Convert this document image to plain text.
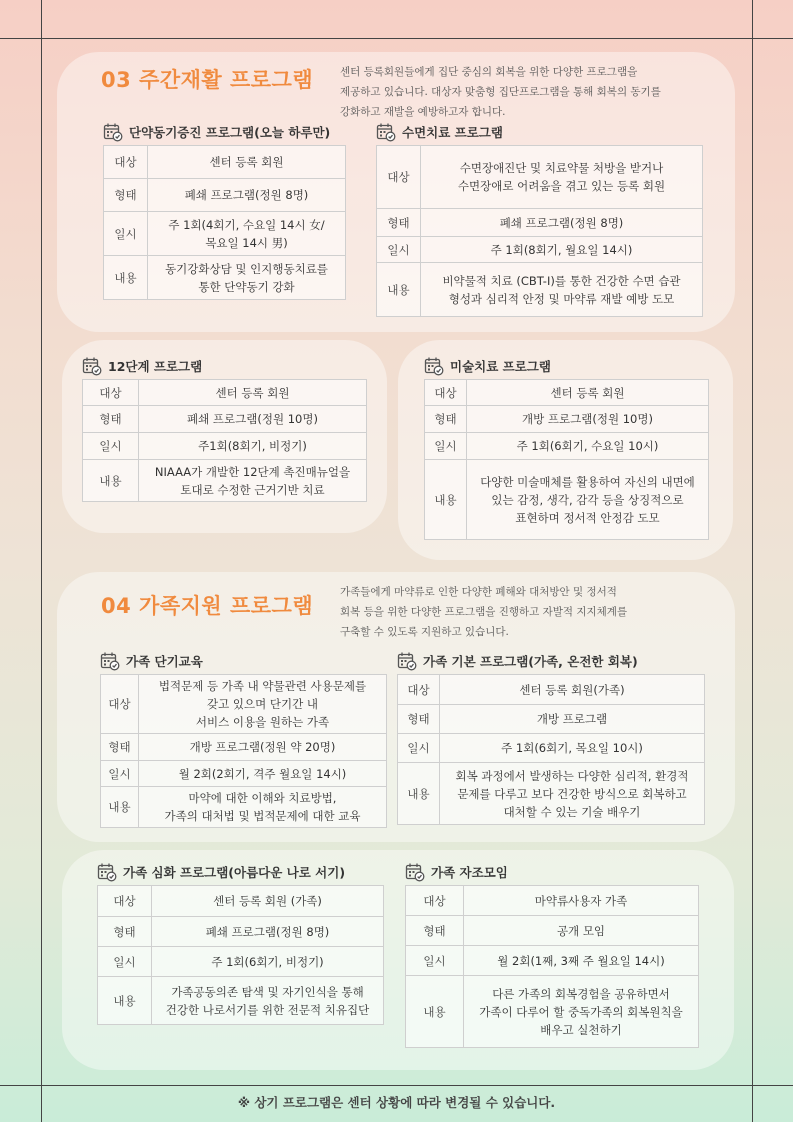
03 주간재활 프로그램	센터 등록회원들에게 집단 중심의 회복을 위한 다양한 프로그램을
제공하고 있습니다. 대상자 맞춤형 집단프로그램을 통해 회복의 동기를
강화하고 재발을 예방하고자 합니다.
04 가족지원 프로그램
가족들에게 마약류로 인한 다양한 폐해와 대처방안 및 정서적
회복 등을 위한 다양한 프로그램을 진행하고 자발적 지지체계를
구축할 수 있도록 지원하고 있습니다.
단약동기증진 프로그램(오늘 하루만)
대상	센터 등록 회원

형태	폐쇄 프로그램(정원 8명)

일시	주 1회(4회기, 수요일 14시 女/
목요일 14시 男)

내용	동기강화상담 및 인지행동치료를
통한 단약동기 강화
수면치료 프로그램
대상	수면장애진단 및 치료약물 처방을 받거나
수면장애로 어려움을 겪고 있는 등록 회원

형태	폐쇄 프로그램(정원 8명)

일시	주 1회(8회기, 월요일 14시)

내용	비약물적 치료 (CBT-I)를 통한 건강한 수면 습관
형성과 심리적 안정 및 마약류 재발 예방 도모
12단계 프로그램
대상	센터 등록 회원

형태	폐쇄 프로그램(정원 10명)

일시	주1회(8회기, 비정기)

내용	NIAAA가 개발한 12단계 촉진매뉴얼을
토대로 수정한 근거기반 치료
미술치료 프로그램
대상	센터 등록 회원

형태	개방 프로그램(정원 10명)

일시	주 1회(6회기, 수요일 10시)

내용	다양한 미술매체를 활용하여 자신의 내면에
있는 감정, 생각, 감각 등을 상징적으로
표현하며 정서적 안정감 도모
가족 단기교육
대상	법적문제 등 가족 내 약물관련 사용문제를
갖고 있으며 단기간 내
서비스 이용을 원하는 가족

형태	개방 프로그램(정원 약 20명)

일시	월 2회(2회기, 격주 월요일 14시)

내용	마약에 대한 이해와 치료방법,
가족의 대처법 및 법적문제에 대한 교육
가족 기본 프로그램(가족, 온전한 회복)
대상	센터 등록 회원(가족)

형태	개방 프로그램

일시	주 1회(6회기, 목요일 10시)

내용	회복 과정에서 발생하는 다양한 심리적, 환경적
문제를 다루고 보다 건강한 방식으로 회복하고
대처할 수 있는 기술 배우기
가족 심화 프로그램(아름다운 나로 서기)
대상	센터 등록 회원 (가족)

형태	폐쇄 프로그램(정원 8명)

일시	주 1회(6회기, 비정기)

내용	가족공동의존 탐색 및 자기인식을 통해
건강한 나로서기를 위한 전문적 치유집단
가족 자조모임
대상	마약류사용자 가족

형태	공개 모임

일시	월 2회(1째, 3째 주 월요일 14시)

내용	다른 가족의 회복경험을 공유하면서
가족이 다루어 할 중독가족의 회복원칙을
배우고 실천하기
※ 상기 프로그램은 센터 상황에 따라 변경될 수 있습니다.
